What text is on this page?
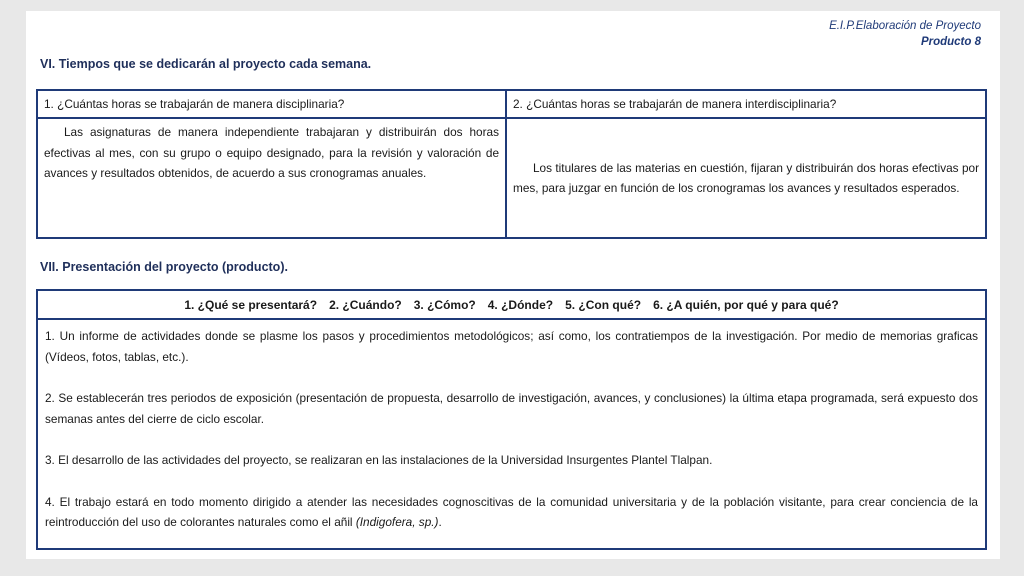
E.I.P.Elaboración de Proyecto
Producto 8
VI. Tiempos que se dedicarán al proyecto cada semana.
1. ¿Cuántas horas se trabajarán de manera disciplinaria?	2. ¿Cuántas horas se trabajarán de manera interdisciplinaria?
Las asignaturas de manera independiente trabajaran y distribuirán dos horas efectivas al mes, con su grupo o equipo designado, para la revisión y valoración de avances y resultados obtenidos, de acuerdo a sus cronogramas anuales.	Los titulares de las materias en cuestión, fijaran y distribuirán dos horas efectivas por mes, para juzgar en función de los cronogramas los avances y resultados esperados.
VII. Presentación del proyecto (producto).
1. ¿Qué se presentará? 2. ¿Cuándo? 3. ¿Cómo? 4. ¿Dónde? 5. ¿Con qué? 6. ¿A quién, por qué y para qué?

1. Un informe de actividades donde se plasme los pasos y procedimientos metodológicos; así como, los contratiempos de la investigación. Por medio de memorias graficas (Vídeos, fotos, tablas, etc.).

2. Se establecerán tres periodos de exposición (presentación de propuesta, desarrollo de investigación, avances, y conclusiones) la última etapa programada, será expuesto dos semanas antes del cierre de ciclo escolar.

3. El desarrollo de las actividades del proyecto, se realizaran en las instalaciones de la Universidad Insurgentes Plantel Tlalpan.

4. El trabajo estará en todo momento dirigido a atender las necesidades cognoscitivas de la comunidad universitaria y de la población visitante, para crear conciencia de la reintroducción del uso de colorantes naturales como el añil (Indigofera, sp.).
